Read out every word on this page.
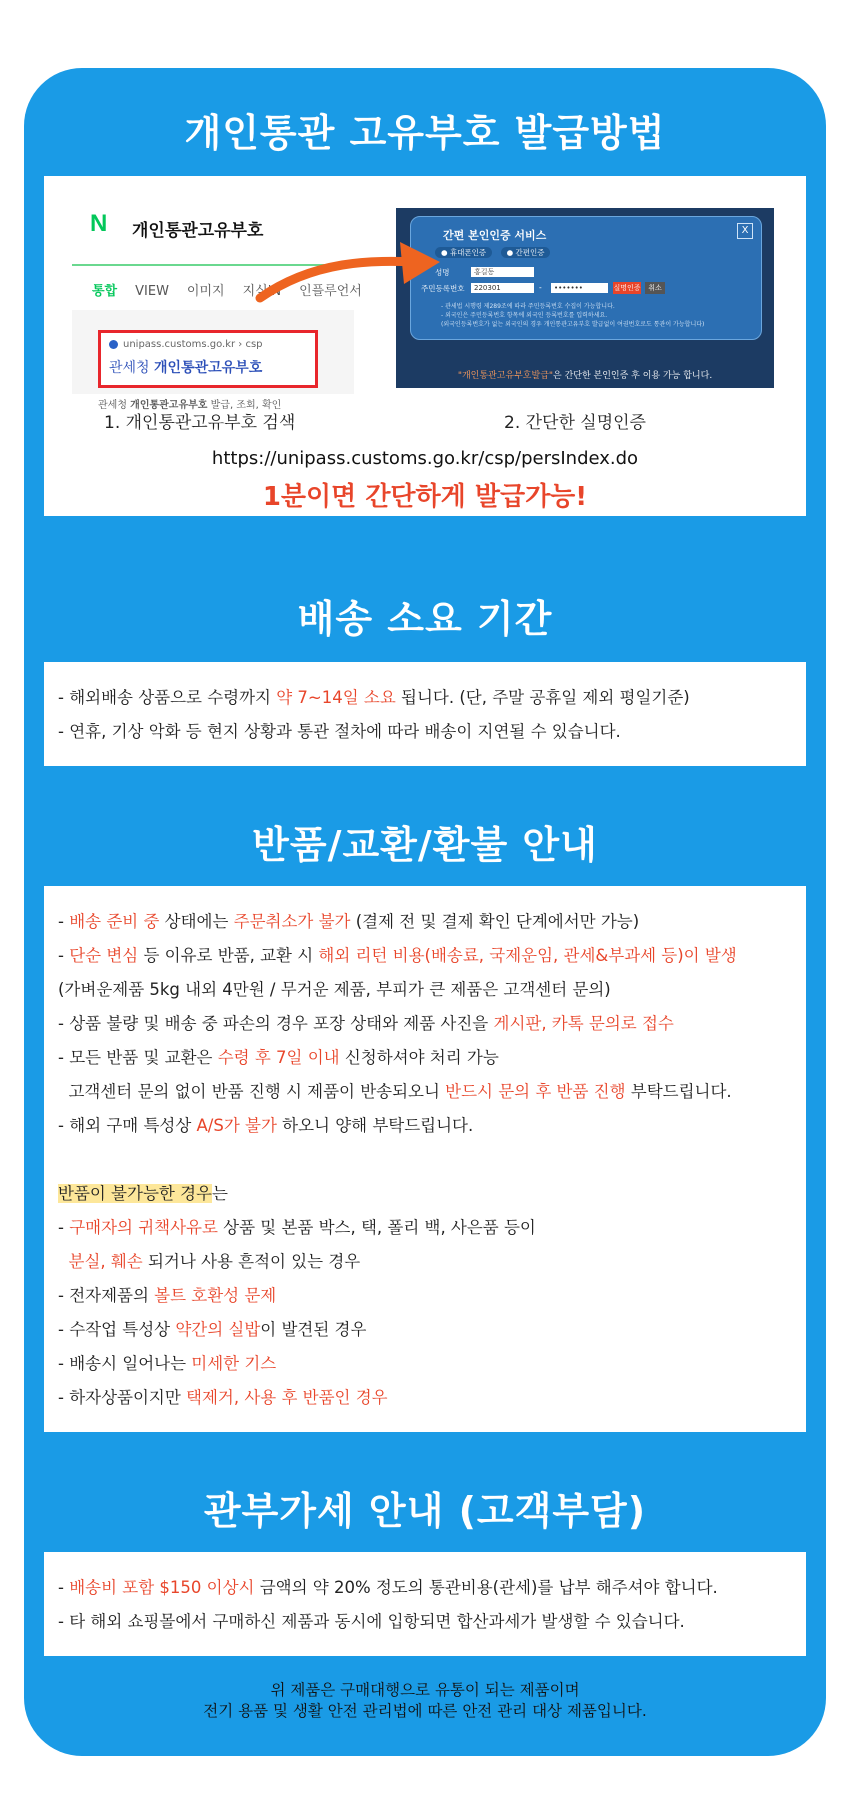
개인통관 고유부호 발급방법
N 개인통관고유부호
통합 VIEW 이미지 지식iN 인플루언서
unipass.customs.go.kr › csp
관세청 개인통관고유부호
관세청 개인통관고유부호 발급, 조회, 확인
간편 본인인증 서비스	X
● 휴대폰인증	● 간편인증
성명	홍길동
주민등록번호	220301	-	•••••••	실명인증	취소
- 관세법 시행령 제289조에 따라 주민등록번호 수집이 가능합니다.
- 외국인은 주민등록번호 항목에 외국인 등록번호를 입력하세요.
(외국인등록번호가 없는 외국인의 경우 개인통관고유부호 발급없이 여권번호로도 통관이 가능합니다)
"개인통관고유부호발급"은 간단한 본인인증 후 이용 가능 합니다.
1. 개인통관고유부호 검색	2. 간단한 실명인증
https://unipass.customs.go.kr/csp/persIndex.do
1분이면 간단하게 발급가능!
배송 소요 기간
- 해외배송 상품으로 수령까지 약 7~14일 소요 됩니다. (단, 주말 공휴일 제외 평일기준)
- 연휴, 기상 악화 등 현지 상황과 통관 절차에 따라 배송이 지연될 수 있습니다.
반품/교환/환불 안내
- 배송 준비 중 상태에는 주문취소가 불가 (결제 전 및 결제 확인 단계에서만 가능)
- 단순 변심 등 이유로 반품, 교환 시 해외 리턴 비용(배송료, 국제운임, 관세&부과세 등)이 발생
(가벼운제품 5kg 내외 4만원 / 무거운 제품, 부피가 큰 제품은 고객센터 문의)
- 상품 불량 및 배송 중 파손의 경우 포장 상태와 제품 사진을 게시판, 카톡 문의로 접수
- 모든 반품 및 교환은 수령 후 7일 이내 신청하셔야 처리 가능
고객센터 문의 없이 반품 진행 시 제품이 반송되오니 반드시 문의 후 반품 진행 부탁드립니다.
- 해외 구매 특성상 A/S가 불가 하오니 양해 부탁드립니다.
반품이 불가능한 경우는
- 구매자의 귀책사유로 상품 및 본품 박스, 택, 폴리 백, 사은품 등이
분실, 훼손 되거나 사용 흔적이 있는 경우
- 전자제품의 볼트 호환성 문제
- 수작업 특성상 약간의 실밥이 발견된 경우
- 배송시 일어나는 미세한 기스
- 하자상품이지만 택제거, 사용 후 반품인 경우
관부가세 안내 (고객부담)
- 배송비 포함 $150 이상시 금액의 약 20% 정도의 통관비용(관세)를 납부 해주셔야 합니다.
- 타 해외 쇼핑몰에서 구매하신 제품과 동시에 입항되면 합산과세가 발생할 수 있습니다.
위 제품은 구매대행으로 유통이 되는 제품이며
전기 용품 및 생활 안전 관리법에 따른 안전 관리 대상 제품입니다.
